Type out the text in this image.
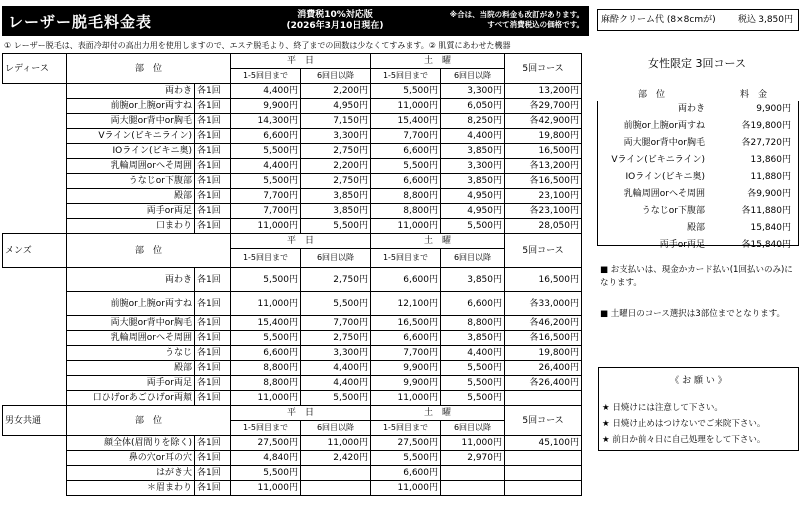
レーザー脱毛料金表	消費税10%対応版
(2026年3月10日現在)
※合は、当院の料金も改訂があります。
すべて消費税込の価格です。
① レーザー脱毛は、表面冷却付の高出力用を使用しますので、エステ脱毛より、終了までの回数は少なくてすみます。② 肌質にあわせた機器
レディース	部　位		平　日		土　曜		5回コース
			1-5回目まで	6回目以降	1-5回目まで	6回目以降	
	両わき	各1回	4,400円	2,200円	5,500円	3,300円	13,200円
	前腕or上腕or両すね	各1回	9,900円	4,950円	11,000円	6,050円	各29,700円
	両大腿or背中or胸毛	各1回	14,300円	7,150円	15,400円	8,250円	各42,900円
	Vライン(ビキニライン)	各1回	6,600円	3,300円	7,700円	4,400円	19,800円
	IOライン(ビキニ奥)	各1回	5,500円	2,750円	6,600円	3,850円	16,500円
	乳輪周囲orへそ周囲	各1回	4,400円	2,200円	5,500円	3,300円	各13,200円
	うなじor下腹部	各1回	5,500円	2,750円	6,600円	3,850円	各16,500円
	殿部	各1回	7,700円	3,850円	8,800円	4,950円	23,100円
	両手or両足	各1回	7,700円	3,850円	8,800円	4,950円	各23,100円
	口まわり	各1回	11,000円	5,500円	11,000円	5,500円	28,050円
メンズ	部　位		平　日		土　曜		5回コース
			1-5回目まで	6回目以降	1-5回目まで	6回目以降	
	両わき	各1回	5,500円	2,750円	6,600円	3,850円	16,500円
	前腕or上腕or両すね	各1回	11,000円	5,500円	12,100円	6,600円	各33,000円
	両大腿or背中or胸毛	各1回	15,400円	7,700円	16,500円	8,800円	各46,200円
	乳輪周囲orへそ周囲	各1回	5,500円	2,750円	6,600円	3,850円	各16,500円
	うなじ	各1回	6,600円	3,300円	7,700円	4,400円	19,800円
	殿部	各1回	8,800円	4,400円	9,900円	5,500円	26,400円
	両手or両足	各1回	8,800円	4,400円	9,900円	5,500円	各26,400円
	口ひげorあごひげor両頬	各1回	11,000円	5,500円	11,000円	5,500円	
男女共通	部　位		平　日		土　曜		5回コース
			1-5回目まで	6回目以降	1-5回目まで	6回目以降	
	顔全体(眉間りを除く)	各1回	27,500円	11,000円	27,500円	11,000円	45,100円
	鼻の穴or耳の穴	各1回	4,840円	2,420円	5,500円	2,970円	
	はがき大	各1回	5,500円		6,600円		
	＊眉まわり	各1回	11,000円		11,000円		
麻酔クリーム代 (8×8cmが) 税込 3,850円
女性限定 3回コース
部　位	料　金
両わき	9,900円
前腕or上腕or両すね	各19,800円
両大腿or背中or胸毛	各27,720円
Vライン(ビキニライン)	13,860円
IOライン(ビキニ奥)	11,880円
乳輪周囲orへそ周囲	各9,900円
うなじor下腹部	各11,880円
殿部	15,840円
両手or両足	各15,840円
■ お支払いは、現金かカード払い(1回払いのみ)になります。
■ 土曜日のコース選択は3部位までとなります。
《 お 願 い 》
★ 日焼けには注意して下さい。
★ 日焼け止めはつけないでご来院下さい。
★ 前日か前々日に自己処理をして下さい。
